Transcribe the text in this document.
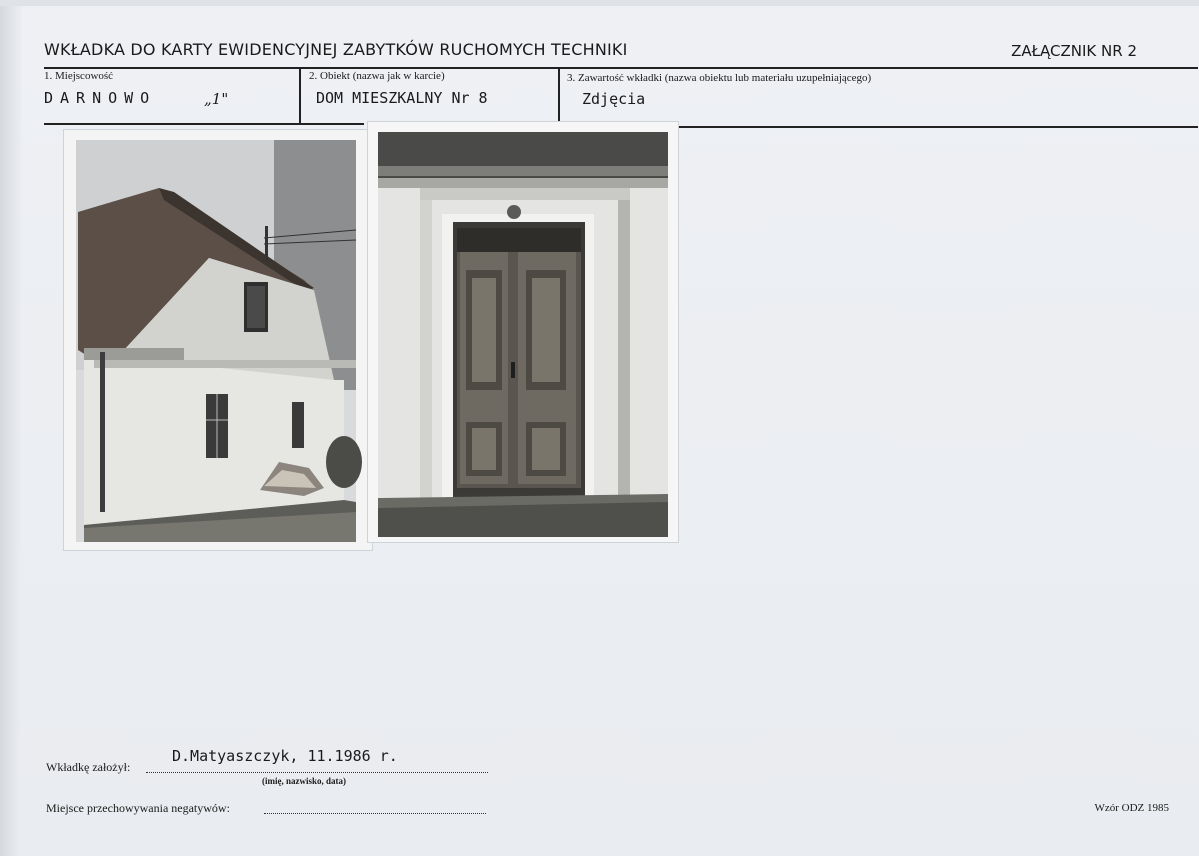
WKŁADKA DO KARTY EWIDENCYJNEJ ZABYTKÓW RUCHOMYCH TECHNIKI	ZAŁĄCZNIK NR 2
1. Miejscowość
DARNOWO	„1"
2. Obiekt (nazwa jak w karcie)
DOM MIESZKALNY Nr 8
3. Zawartość wkładki (nazwa obiektu lub materiału uzupełniającego)
Zdjęcia
D.Matyaszczyk, 11.1986 r.
Wkładkę założył:
(imię, nazwisko, data)
Miejsce przechowywania negatywów:	Wzór ODZ 1985
